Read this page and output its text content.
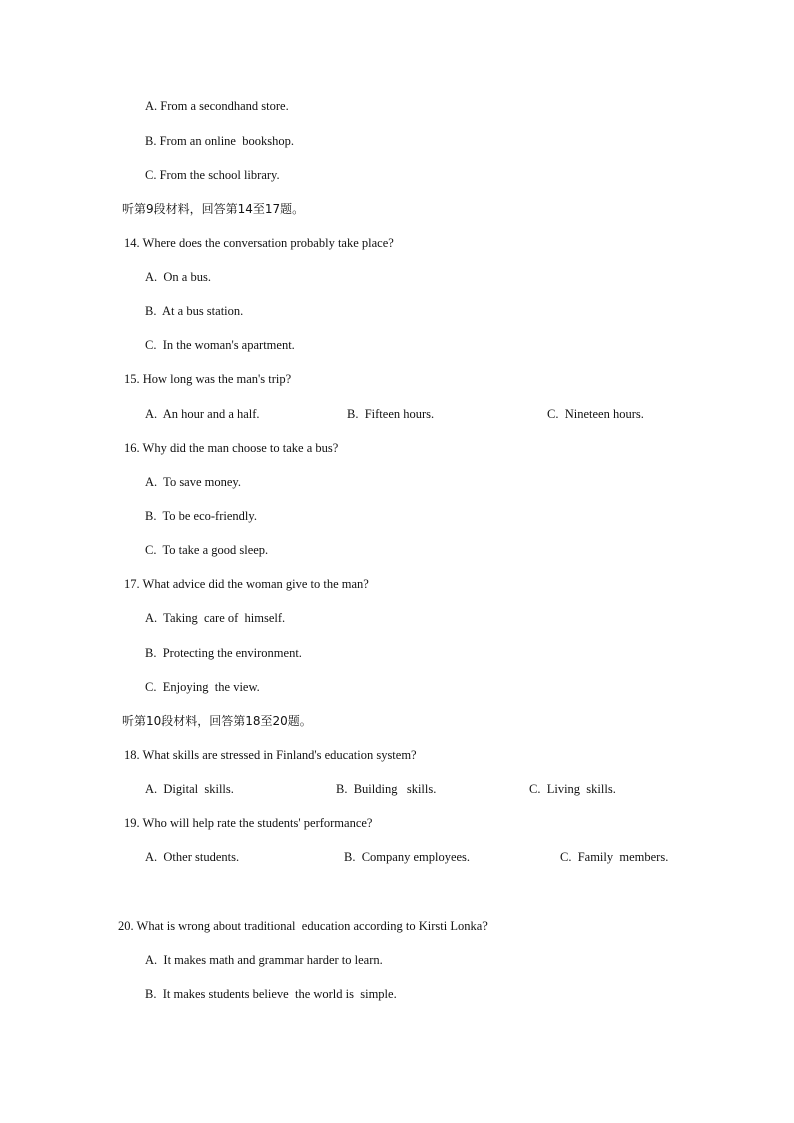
A. From a secondhand store.
B. From an online  bookshop.
C. From the school library.
听第9段材料，回答第14至17题。
14. Where does the conversation probably take place?
A.  On a bus.
B.  At a bus station.
C.  In the woman's apartment.
15. How long was the man's trip?
A.  An hour and a half.	B.  Fifteen hours.	C.  Nineteen hours.
16. Why did the man choose to take a bus?
A.  To save money.
B.  To be eco-friendly.
C.  To take a good sleep.
17. What advice did the woman give to the man?
A.  Taking  care of  himself.
B.  Protecting the environment.
C.  Enjoying  the view.
听第10段材料，回答第18至20题。
18. What skills are stressed in Finland's education system?
A.  Digital  skills.	B.  Building   skills.	C.  Living  skills.
19. Who will help rate the students' performance?
A.  Other students.	B.  Company employees.	C.  Family  members.
20. What is wrong about traditional  education according to Kirsti Lonka?
A.  It makes math and grammar harder to learn.
B.  It makes students believe  the world is  simple.
